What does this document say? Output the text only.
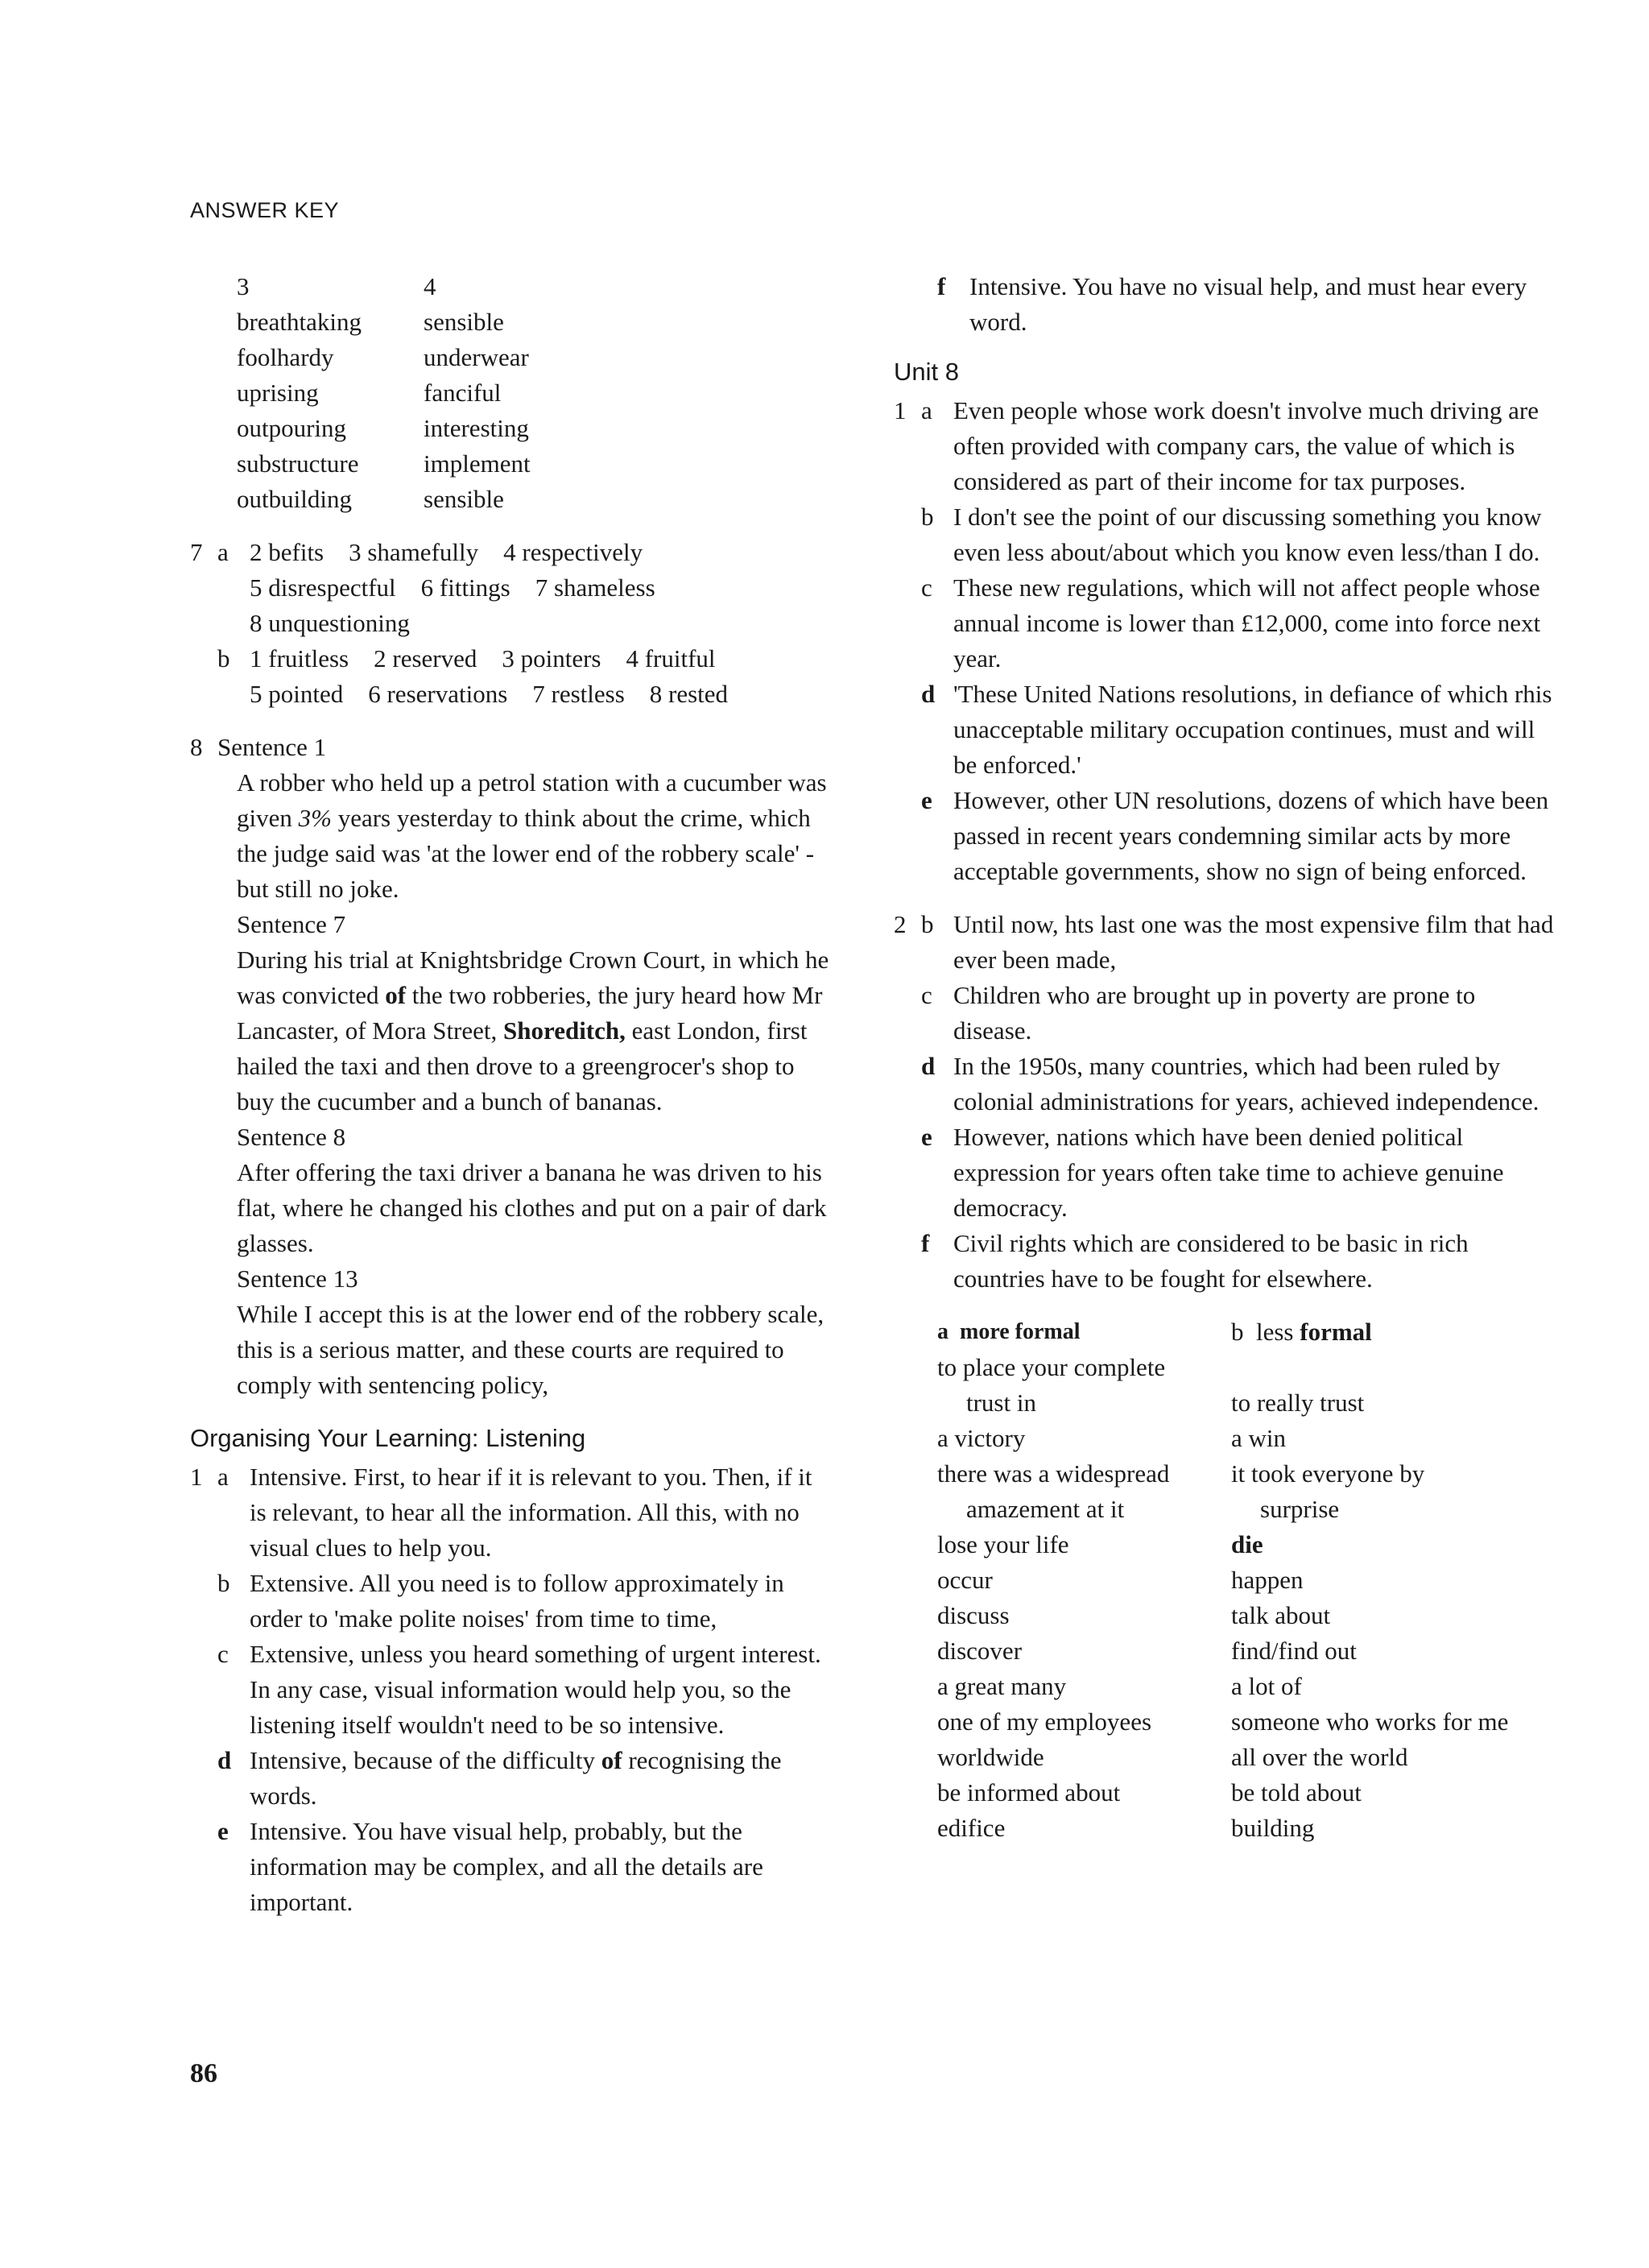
ANSWER KEY
3	4
breathtaking	sensible
foolhardy	underwear
uprising	fanciful
outpouring	interesting
substructure	implement
outbuilding	sensible
7 a 2 befits    3 shamefully    4 respectively
5 disrespectful    6 fittings    7 shameless
8 unquestioning
b 1 fruitless    2 reserved    3 pointers    4 fruitful
5 pointed    6 reservations    7 restless    8 rested
8 Sentence 1
A robber who held up a petrol station with a cucumber was given 3% years yesterday to think about the crime, which the judge said was 'at the lower end of the robbery scale' - but still no joke.
Sentence 7
During his trial at Knightsbridge Crown Court, in which he was convicted of the two robberies, the jury heard how Mr Lancaster, of Mora Street, Shoreditch, east London, first hailed the taxi and then drove to a greengrocer's shop to buy the cucumber and a bunch of bananas.
Sentence 8
After offering the taxi driver a banana he was driven to his flat, where he changed his clothes and put on a pair of dark glasses.
Sentence 13
While I accept this is at the lower end of the robbery scale, this is a serious matter, and these courts are required to comply with sentencing policy,
Organising Your Learning: Listening
1 a Intensive. First, to hear if it is relevant to you. Then, if it is relevant, to hear all the information. All this, with no visual clues to help you.
b Extensive. All you need is to follow approximately in order to 'make polite noises' from time to time,
c Extensive, unless you heard something of urgent interest. In any case, visual information would help you, so the listening itself wouldn't need to be so intensive.
d Intensive, because of the difficulty of recognising the words.
e Intensive. You have visual help, probably, but the information may be complex, and all the details are important.
f Intensive. You have no visual help, and must hear every word.
Unit 8
1 a Even people whose work doesn't involve much driving are often provided with company cars, the value of which is considered as part of their income for tax purposes.
b I don't see the point of our discussing something you know even less about/about which you know even less/than I do.
c These new regulations, which will not affect people whose annual income is lower than £12,000, come into force next year.
d 'These United Nations resolutions, in defiance of which rhis unacceptable military occupation continues, must and will be enforced.'
e However, other UN resolutions, dozens of which have been passed in recent years condemning similar acts by more acceptable governments, show no sign of being enforced.
2 b Until now, hts last one was the most expensive film that had ever been made,
c Children who are brought up in poverty are prone to disease.
d In the 1950s, many countries, which had been ruled by colonial administrations for years, achieved independence.
e However, nations which have been denied political expression for years often take time to achieve genuine democracy.
f Civil rights which are considered to be basic in rich countries have to be fought for elsewhere.
a more formal	b less formal
to place your complete
trust in	to really trust
a victory	a win
there was a widespread	it took everyone by
amazement at it	surprise
lose your life	die
occur	happen
discuss	talk about
discover	find/find out
a great many	a lot of
one of my employees	someone who works for me
worldwide	all over the world
be informed about	be told about
edifice	building
86
